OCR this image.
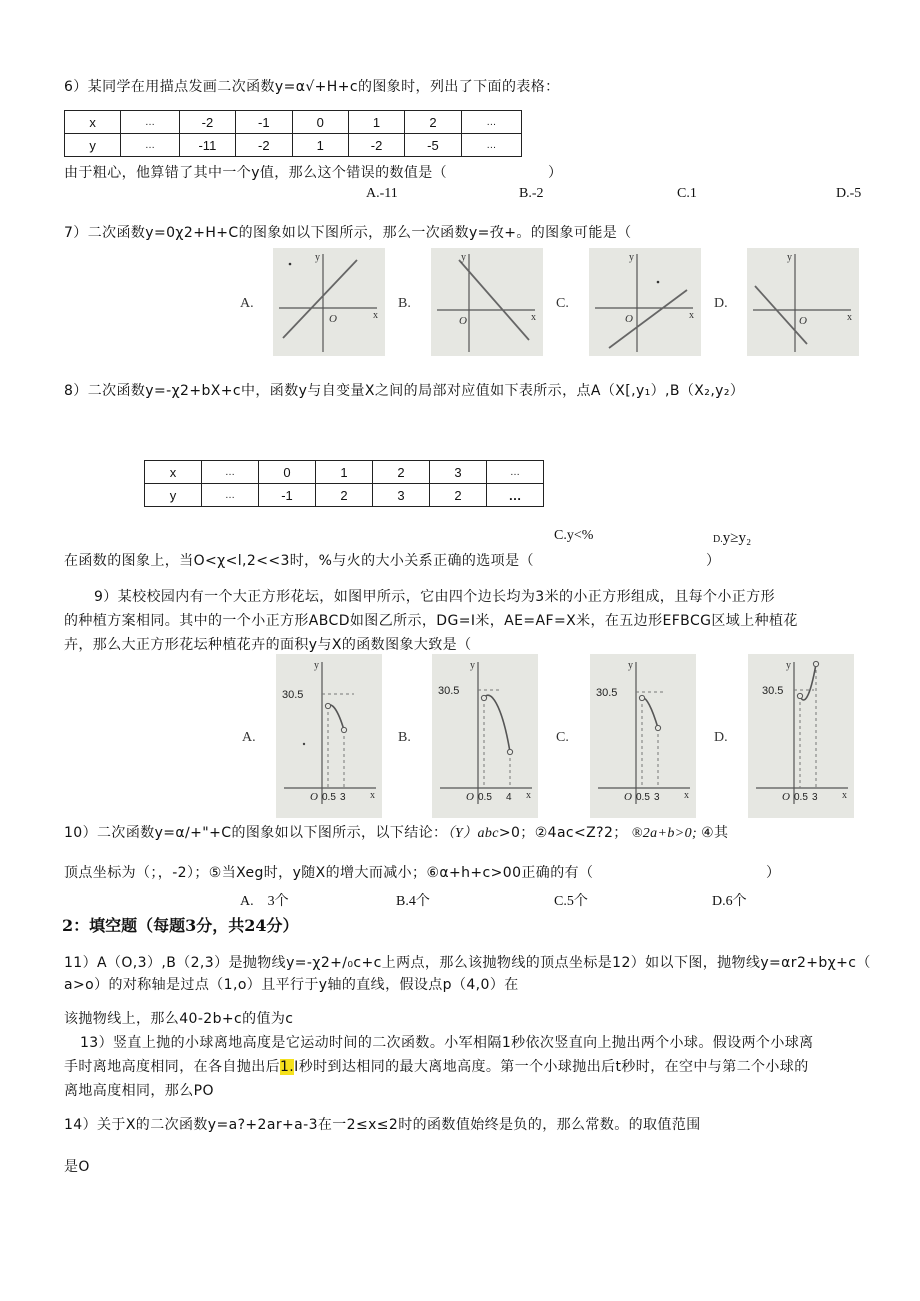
6）某同学在用描点发画二次函数y=α√+H+c的图象时，列出了下面的表格：
x	…	-2	-1	0	1	2	…
y	…	-11	-2	1	-2	-5	…
由于粗心，他算错了其中一个y值，那么这个错误的数值是（	）
A.-11	B.-2	C.1	D.-5
7）二次函数y=0χ2+H+C的图象如以下图所示，那么一次函数y=孜+。的图象可能是（
A.
y
x
O
B.
y
x
O
C.
y
x
O
D.
y
x
O
8）二次函数y=-χ2+bX+c中，函数y与自变量X之间的局部对应值如下表所示，点A（X[,y₁）,B（X₂,y₂）
x	…	0	1	2	3	…
y	…	-1	2	3	2	…
C.y<%	D.y≥y₂
在函数的图象上，当O<χ<l,2<<3时，%与火的大小关系正确的选项是（	）
9）某校校园内有一个大正方形花坛，如图甲所示，它由四个边长均为3米的小正方形组成，且每个小正方形
的种植方案相同。其中的一个小正方形ABCD如图乙所示，DG=I米，AE=AF=X米，在五边形EFBCG区域上种植花
卉，那么大正方形花坛种植花卉的面积y与X的函数图象大致是（
A.
30.5
y
x
O 0.5 3
B.
30.5
y
x
O 0.5 4
C.
30.5
y
x
O 0.5 3
D.
30.5
y
x
O 0.5 3
10）二次函数y=α∕+"+C的图象如以下图所示，以下结论：（Y）abc>0；②4ac<Z?2； ®2a+b>0; ④其
顶点坐标为（；，-2）；⑤当Xeg时，y随X的增大而减小；⑥α+h+c>00正确的有（	）
A.　3个	B.4个	C.5个	D.6个
2：填空题（每题3分，共24分）
11）A（O,3）,B（2,3）是抛物线y=-χ2+∕₀c+c上两点，那么该抛物线的顶点坐标是12）如以下图，抛物线y=αr2+bχ+c（
a>o）的对称轴是过点（1,o）且平行于y轴的直线，假设点p（4,0）在
该抛物线上，那么40-2b+c的值为c
13）竖直上抛的小球离地高度是它运动时间的二次函数。小军相隔1秒依次竖直向上抛出两个小球。假设两个小球离
手时离地高度相同，在各自抛出后1.I秒时到达相同的最大离地高度。第一个小球抛出后t秒时，在空中与第二个小球的
离地高度相同，那么PO
14）关于X的二次函数y=a?+2ar+a-3在一2≤x≤2时的函数值始终是负的，那么常数。的取值范围
是O
